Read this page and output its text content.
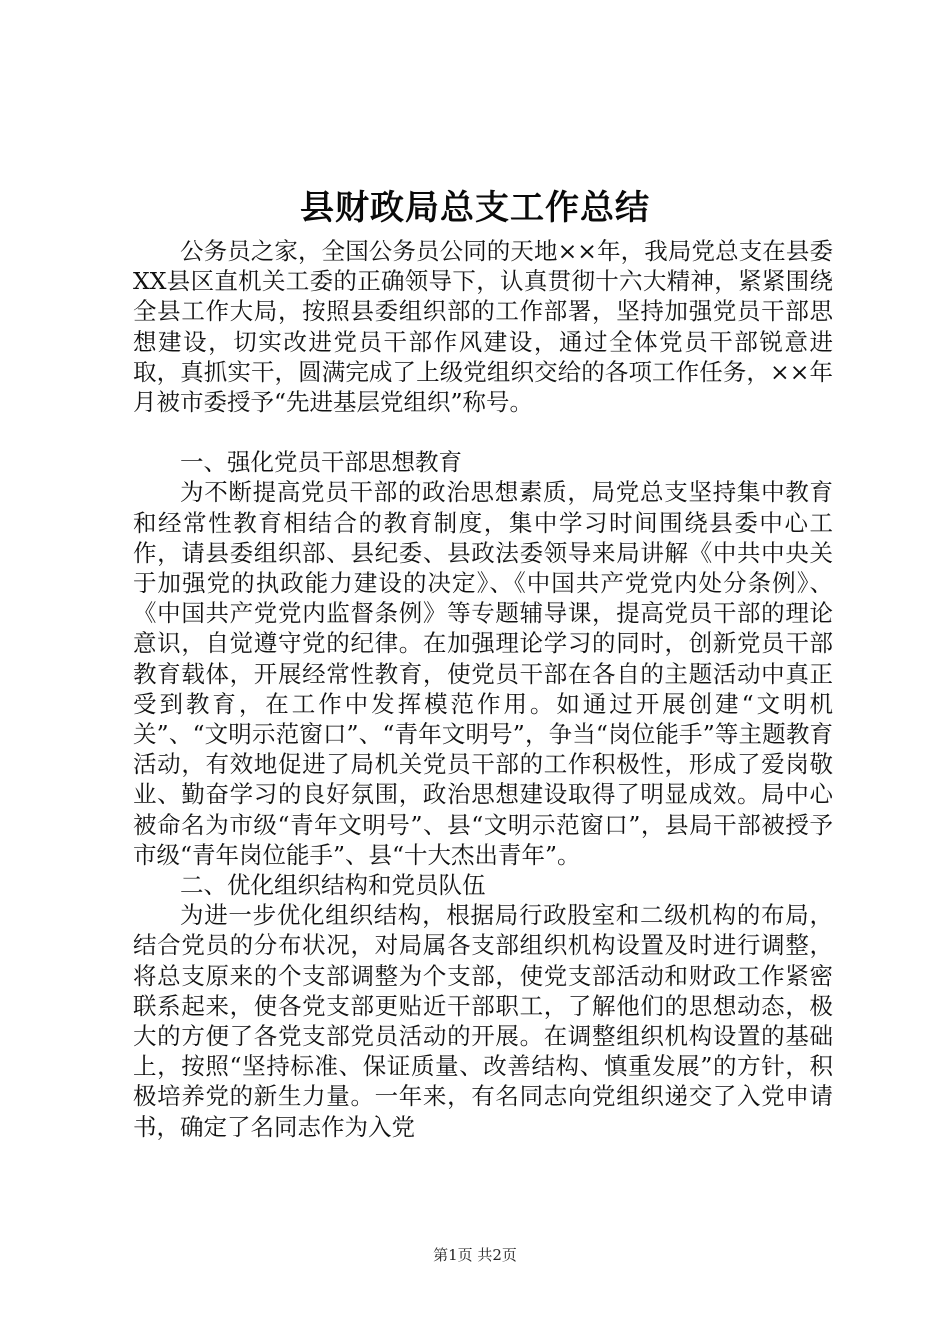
县财政局总支工作总结

公务员之家，全国公务员公同的天地××年，我局党总支在县委XX县区直机关工委的正确领导下，认真贯彻十六大精神，紧紧围绕全县工作大局，按照县委组织部的工作部署，坚持加强党员干部思想建设，切实改进党员干部作风建设，通过全体党员干部锐意进取，真抓实干，圆满完成了上级党组织交给的各项工作任务，××年月被市委授予“先进基层党组织”称号。

一、强化党员干部思想教育

为不断提高党员干部的政治思想素质，局党总支坚持集中教育和经常性教育相结合的教育制度，集中学习时间围绕县委中心工作，请县委组织部、县纪委、县政法委领导来局讲解《中共中央关于加强党的执政能力建设的决定》、《中国共产党党内处分条例》、《中国共产党党内监督条例》等专题辅导课，提高党员干部的理论意识，自觉遵守党的纪律。在加强理论学习的同时，创新党员干部教育载体，开展经常性教育，使党员干部在各自的主题活动中真正受到教育，在工作中发挥模范作用。如通过开展创建“文明机关”、“文明示范窗口”、“青年文明号”，争当“岗位能手”等主题教育活动，有效地促进了局机关党员干部的工作积极性，形成了爱岗敬业、勤奋学习的良好氛围，政治思想建设取得了明显成效。局中心被命名为市级“青年文明号”、县“文明示范窗口”，县局干部被授予市级“青年岗位能手”、县“十大杰出青年”。

二、优化组织结构和党员队伍

为进一步优化组织结构，根据局行政股室和二级机构的布局，结合党员的分布状况，对局属各支部组织机构设置及时进行调整，将总支原来的个支部调整为个支部，使党支部活动和财政工作紧密联系起来，使各党支部更贴近干部职工，了解他们的思想动态，极大的方便了各党支部党员活动的开展。在调整组织机构设置的基础上，按照“坚持标准、保证质量、改善结构、慎重发展”的方针，积极培养党的新生力量。一年来，有名同志向党组织递交了入党申请书，确定了名同志作为入党

第1页 共2页
